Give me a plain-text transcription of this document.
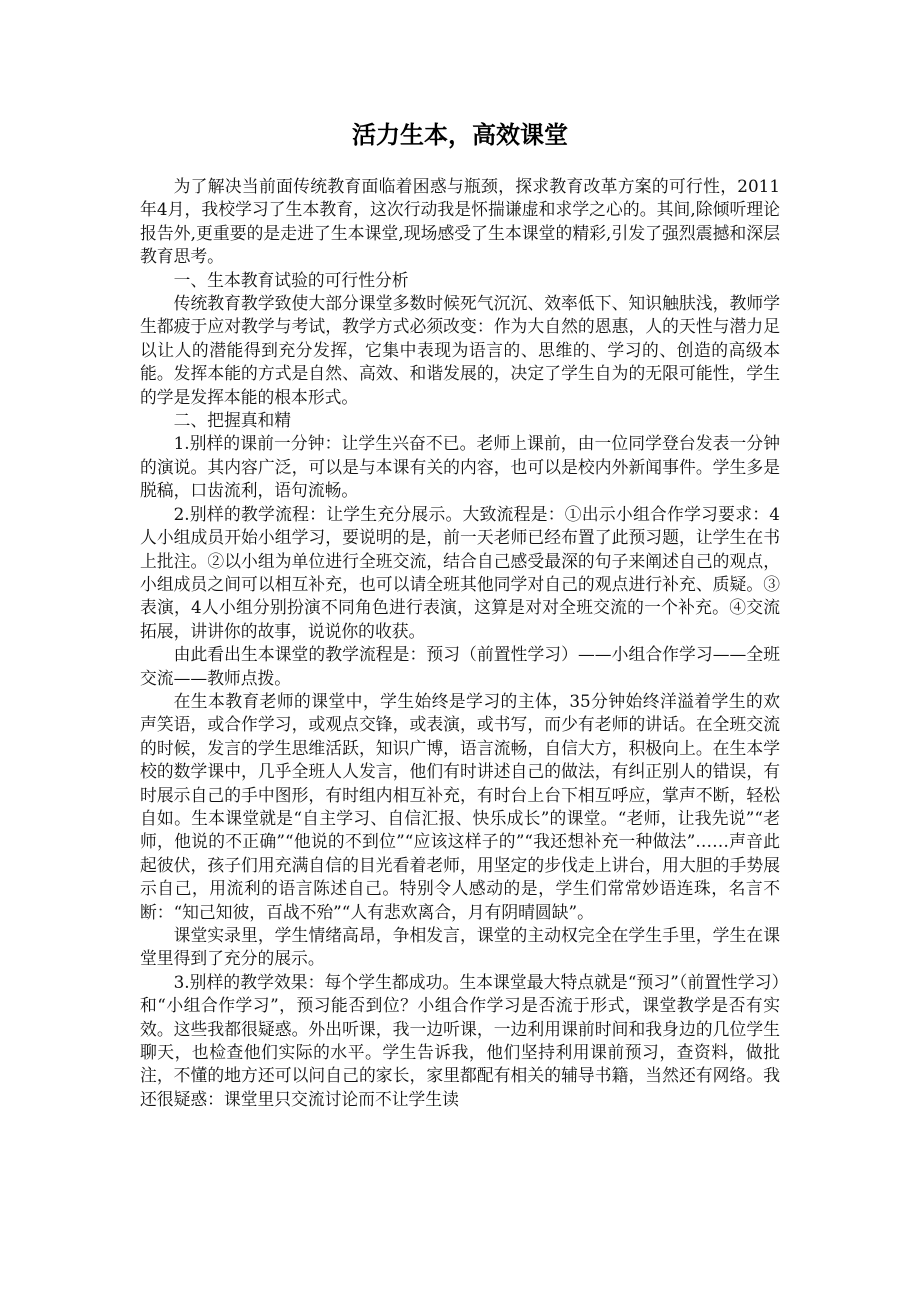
活力生本，高效课堂

为了解决当前面传统教育面临着困惑与瓶颈，探求教育改革方案的可行性，2011年4月，我校学习了生本教育，这次行动我是怀揣谦虚和求学之心的。其间,除倾听理论报告外,更重要的是走进了生本课堂,现场感受了生本课堂的精彩,引发了强烈震撼和深层教育思考。

一、生本教育试验的可行性分析

传统教育教学致使大部分课堂多数时候死气沉沉、效率低下、知识触肤浅，教师学生都疲于应对教学与考试，教学方式必须改变：作为大自然的恩惠，人的天性与潜力足以让人的潜能得到充分发挥，它集中表现为语言的、思维的、学习的、创造的高级本能。发挥本能的方式是自然、高效、和谐发展的，决定了学生自为的无限可能性，学生的学是发挥本能的根本形式。

二、把握真和精

1.别样的课前一分钟：让学生兴奋不已。老师上课前，由一位同学登台发表一分钟的演说。其内容广泛，可以是与本课有关的内容，也可以是校内外新闻事件。学生多是脱稿，口齿流利，语句流畅。

2.别样的教学流程：让学生充分展示。大致流程是：①出示小组合作学习要求：4人小组成员开始小组学习，要说明的是，前一天老师已经布置了此预习题，让学生在书上批注。②以小组为单位进行全班交流，结合自己感受最深的句子来阐述自己的观点，小组成员之间可以相互补充，也可以请全班其他同学对自己的观点进行补充、质疑。③表演，4人小组分别扮演不同角色进行表演，这算是对对全班交流的一个补充。④交流拓展，讲讲你的故事，说说你的收获。

由此看出生本课堂的教学流程是：预习（前置性学习）——小组合作学习——全班交流——教师点拨。

在生本教育老师的课堂中，学生始终是学习的主体，35分钟始终洋溢着学生的欢声笑语，或合作学习，或观点交锋，或表演，或书写，而少有老师的讲话。在全班交流的时候，发言的学生思维活跃，知识广博，语言流畅，自信大方，积极向上。在生本学校的数学课中，几乎全班人人发言，他们有时讲述自己的做法，有纠正别人的错误，有时展示自己的手中图形，有时组内相互补充，有时台上台下相互呼应，掌声不断，轻松自如。生本课堂就是“自主学习、自信汇报、快乐成长”的课堂。“老师，让我先说”“老师，他说的不正确”“他说的不到位”“应该这样子的”“我还想补充一种做法”……声音此起彼伏，孩子们用充满自信的目光看着老师，用坚定的步伐走上讲台，用大胆的手势展示自己，用流利的语言陈述自己。特别令人感动的是，学生们常常妙语连珠，名言不断：“知己知彼，百战不殆”“人有悲欢离合，月有阴晴圆缺”。

课堂实录里，学生情绪高昂，争相发言，课堂的主动权完全在学生手里，学生在课堂里得到了充分的展示。

3.别样的教学效果：每个学生都成功。生本课堂最大特点就是“预习”（前置性学习）和“小组合作学习”，预习能否到位？小组合作学习是否流于形式，课堂教学是否有实效。这些我都很疑惑。外出听课，我一边听课，一边利用课前时间和我身边的几位学生聊天，也检查他们实际的水平。学生告诉我，他们坚持利用课前预习，查资料，做批注，不懂的地方还可以问自己的家长，家里都配有相关的辅导书籍，当然还有网络。我还很疑惑：课堂里只交流讨论而不让学生读
